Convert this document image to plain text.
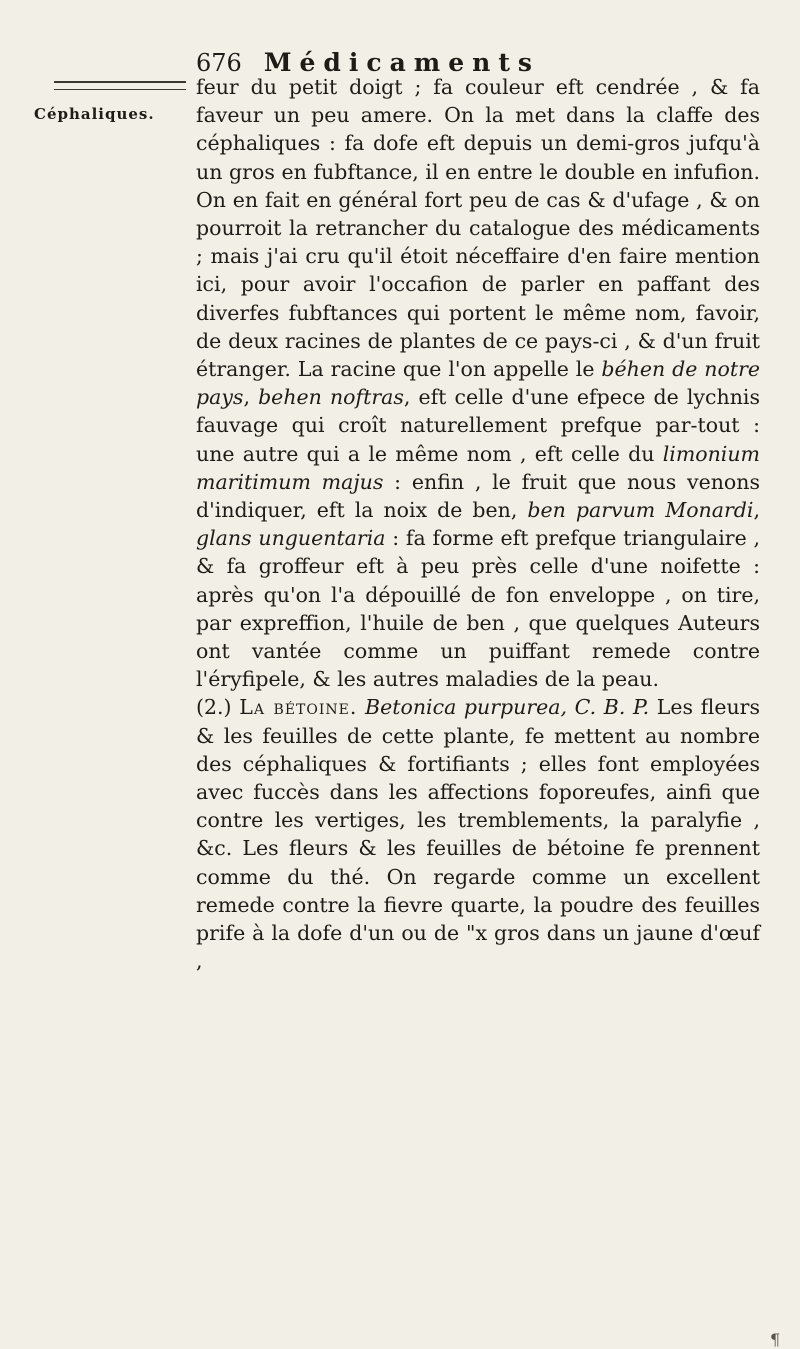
676 Médicaments
Céphaliques.

feur du petit doigt ; fa couleur eft cendrée , & fa faveur un peu amere. On la met dans la claffe des céphaliques : fa dofe eft depuis un demi-gros jufqu'à un gros en fubftance, il en entre le double en infufion. On en fait en général fort peu de cas & d'ufage , & on pourroit la retrancher du catalogue des médicaments ; mais j'ai cru qu'il étoit néceffaire d'en faire mention ici, pour avoir l'occafion de parler en paffant des diverfes fubftances qui portent le même nom, favoir, de deux racines de plantes de ce pays-ci , & d'un fruit étranger. La racine que l'on appelle le béhen de notre pays, behen noftras, eft celle d'une efpece de lychnis fauvage qui croît naturellement prefque par-tout : une autre qui a le même nom , eft celle du limonium maritimum majus : enfin , le fruit que nous venons d'indiquer, eft la noix de ben, ben parvum Monardi, glans unguentaria : fa forme eft prefque triangulaire , & fa groffeur eft à peu près celle d'une noifette : après qu'on l'a dépouillé de fon enveloppe , on tire, par expreffion, l'huile de ben , que quelques Auteurs ont vantée comme un puiffant remede contre l'éryfipele, & les autres maladies de la peau.

(2.) La bétoine. Betonica purpurea, C. B. P. Les fleurs & les feuilles de cette plante, fe mettent au nombre des céphaliques & fortifiants ; elles font employées avec fuccès dans les affections foporeufes, ainfi que contre les vertiges, les tremblements, la paralyfie , &c. Les fleurs & les feuilles de bétoine fe prennent comme du thé. On regarde comme un excellent remede contre la fievre quarte, la poudre des feuilles prife à la dofe d'un ou de "x gros dans un jaune d'œuf ,

¶
